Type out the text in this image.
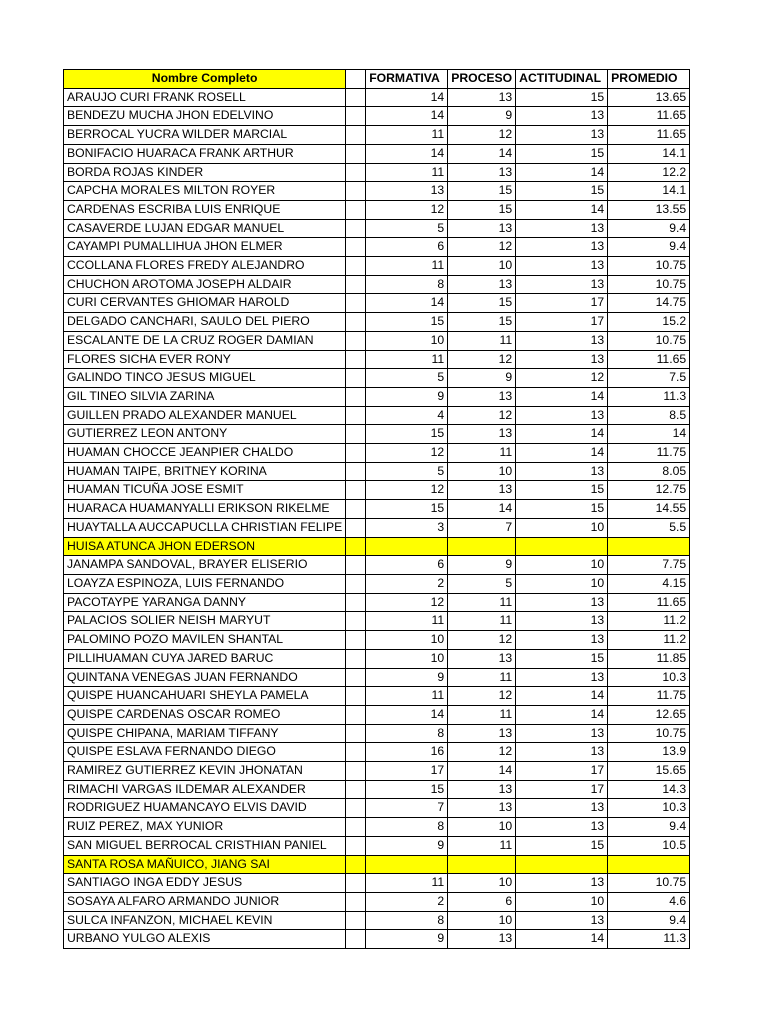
Nombre Completo		FORMATIVA	PROCESO	ACTITUDINAL	PROMEDIO
ARAUJO CURI FRANK ROSELL		14	13	15	13.65
BENDEZU MUCHA JHON EDELVINO		14	9	13	11.65
BERROCAL YUCRA WILDER MARCIAL		11	12	13	11.65
BONIFACIO HUARACA FRANK ARTHUR		14	14	15	14.1
BORDA ROJAS KINDER		11	13	14	12.2
CAPCHA MORALES MILTON ROYER		13	15	15	14.1
CARDENAS ESCRIBA LUIS ENRIQUE		12	15	14	13.55
CASAVERDE LUJAN EDGAR MANUEL		5	13	13	9.4
CAYAMPI PUMALLIHUA JHON ELMER		6	12	13	9.4
CCOLLANA FLORES FREDY ALEJANDRO		11	10	13	10.75
CHUCHON AROTOMA JOSEPH ALDAIR		8	13	13	10.75
CURI CERVANTES GHIOMAR HAROLD		14	15	17	14.75
DELGADO CANCHARI, SAULO DEL PIERO		15	15	17	15.2
ESCALANTE DE LA CRUZ ROGER DAMIAN		10	11	13	10.75
FLORES SICHA EVER RONY		11	12	13	11.65
GALINDO TINCO JESUS MIGUEL		5	9	12	7.5
GIL TINEO SILVIA ZARINA		9	13	14	11.3
GUILLEN PRADO ALEXANDER MANUEL		4	12	13	8.5
GUTIERREZ LEON ANTONY		15	13	14	14
HUAMAN CHOCCE JEANPIER CHALDO		12	11	14	11.75
HUAMAN TAIPE, BRITNEY KORINA		5	10	13	8.05
HUAMAN TICUÑA JOSE ESMIT		12	13	15	12.75
HUARACA HUAMANYALLI ERIKSON RIKELME		15	14	15	14.55
HUAYTALLA AUCCAPUCLLA CHRISTIAN FELIPE		3	7	10	5.5
HUISA ATUNCA JHON EDERSON					
JANAMPA SANDOVAL, BRAYER ELISERIO		6	9	10	7.75
LOAYZA ESPINOZA, LUIS FERNANDO		2	5	10	4.15
PACOTAYPE YARANGA DANNY		12	11	13	11.65
PALACIOS SOLIER NEISH MARYUT		11	11	13	11.2
PALOMINO POZO MAVILEN SHANTAL		10	12	13	11.2
PILLIHUAMAN CUYA JARED BARUC		10	13	15	11.85
QUINTANA VENEGAS JUAN FERNANDO		9	11	13	10.3
QUISPE HUANCAHUARI SHEYLA PAMELA		11	12	14	11.75
QUISPE CARDENAS OSCAR ROMEO		14	11	14	12.65
QUISPE CHIPANA, MARIAM TIFFANY		8	13	13	10.75
QUISPE ESLAVA FERNANDO DIEGO		16	12	13	13.9
RAMIREZ GUTIERREZ KEVIN JHONATAN		17	14	17	15.65
RIMACHI VARGAS ILDEMAR ALEXANDER		15	13	17	14.3
RODRIGUEZ HUAMANCAYO ELVIS DAVID		7	13	13	10.3
RUIZ PEREZ, MAX YUNIOR		8	10	13	9.4
SAN MIGUEL BERROCAL CRISTHIAN PANIEL		9	11	15	10.5
SANTA ROSA MAÑUICO, JIANG SAI					
SANTIAGO INGA EDDY JESUS		11	10	13	10.75
SOSAYA ALFARO ARMANDO JUNIOR		2	6	10	4.6
SULCA INFANZON, MICHAEL KEVIN		8	10	13	9.4
URBANO YULGO ALEXIS		9	13	14	11.3
